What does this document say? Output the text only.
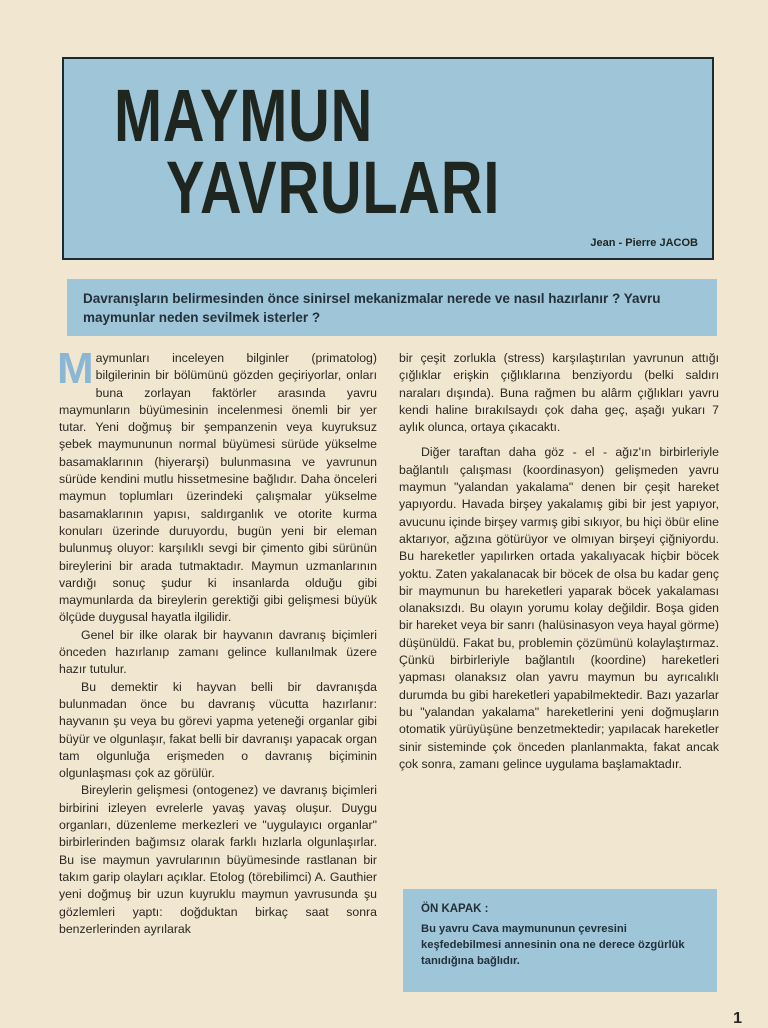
MAYMUN
YAVRULARI
Jean - Pierre JACOB

Davranışların belirmesinden önce sinirsel mekanizmalar nerede ve nasıl hazırlanır ? Yavru maymunlar neden sevilmek isterler ?

Maymunları inceleyen bilginler (primatolog) bilgilerinin bir bölümünü gözden geçiriyorlar, onları buna zorlayan faktörler arasında yavru maymunların büyümesinin incelenmesi önemli bir yer tutar. Yeni doğmuş bir şempanzenin veya kuyruksuz şebek maymununun normal büyümesi sürüde yükselme basamaklarının (hiyerarşi) bulunmasına ve yavrunun sürüde kendini mutlu hissetmesine bağlıdır. Daha önceleri maymun toplumları üzerindeki çalışmalar yükselme basamaklarının yapısı, saldırganlık ve otorite kurma konuları üzerinde duruyordu, bugün yeni bir eleman bulunmuş oluyor: karşılıklı sevgi bir çimento gibi sürünün bireylerini bir arada tutmaktadır. Maymun uzmanlarının vardığı sonuç şudur ki insanlarda olduğu gibi maymunlarda da bireylerin gerektiği gibi gelişmesi büyük ölçüde duygusal hayatla ilgilidir.

Genel bir ilke olarak bir hayvanın davranış biçimleri önceden hazırlanıp zamanı gelince kullanılmak üzere hazır tutulur.

Bu demektir ki hayvan belli bir davranışda bulunmadan önce bu davranış vücutta hazırlanır: hayvanın şu veya bu görevi yapma yeteneği organlar gibi büyür ve olgunlaşır, fakat belli bir davranışı yapacak organ tam olgunluğa erişmeden o davranış biçiminin olgunlaşması çok az görülür.

Bireylerin gelişmesi (ontogenez) ve davranış biçimleri birbirini izleyen evrelerle yavaş yavaş oluşur. Duygu organları, düzenleme merkezleri ve "uygulayıcı organlar" birbirlerinden bağımsız olarak farklı hızlarla olgunlaşırlar. Bu ise maymun yavrularının büyümesinde rastlanan bir takım garip olayları açıklar. Etolog (törebilimci) A. Gauthier yeni doğmuş bir uzun kuyruklu maymun yavrusunda şu gözlemleri yaptı: doğduktan birkaç saat sonra benzerlerinden ayrılarak

bir çeşit zorlukla (stress) karşılaştırılan yavrunun attığı çığlıklar erişkin çığlıklarına benziyordu (belki saldırı naraları dışında). Buna rağmen bu alârm çığlıkları yavru kendi haline bırakılsaydı çok daha geç, aşağı yukarı 7 aylık olunca, ortaya çıkacaktı.

Diğer taraftan daha göz - el - ağız'ın birbirleriyle bağlantılı çalışması (koordinasyon) gelişmeden yavru maymun "yalandan yakalama" denen bir çeşit hareket yapıyordu. Havada birşey yakalamış gibi bir jest yapıyor, avucunu içinde birşey varmış gibi sıkıyor, bu hiçi öbür eline aktarıyor, ağzına götürüyor ve olmıyan birşeyi çiğniyordu. Bu hareketler yapılırken ortada yakalıyacak hiçbir böcek yoktu. Zaten yakalanacak bir böcek de olsa bu kadar genç bir maymunun bu hareketleri yaparak böcek yakalaması olanaksızdı. Bu olayın yorumu kolay değildir. Boşa giden bir hareket veya bir sanrı (halüsinasyon veya hayal görme) düşünüldü. Fakat bu, problemin çözümünü kolaylaştırmaz. Çünkü birbirleriyle bağlantılı (koordine) hareketleri yapması olanaksız olan yavru maymun bu ayrıcalıklı durumda bu gibi hareketleri yapabilmektedir. Bazı yazarlar bu "yalandan yakalama" hareketlerini yeni doğmuşların otomatik yürüyüşüne benzetmektedir; yapılacak hareketler sinir sisteminde çok önceden planlanmakta, fakat ancak çok sonra, zamanı gelince uygulama başlamaktadır.

ÖN KAPAK :
Bu yavru Cava maymununun çevresini keşfedebilmesi annesinin ona ne derece özgürlük tanıdığına bağlıdır.
1
